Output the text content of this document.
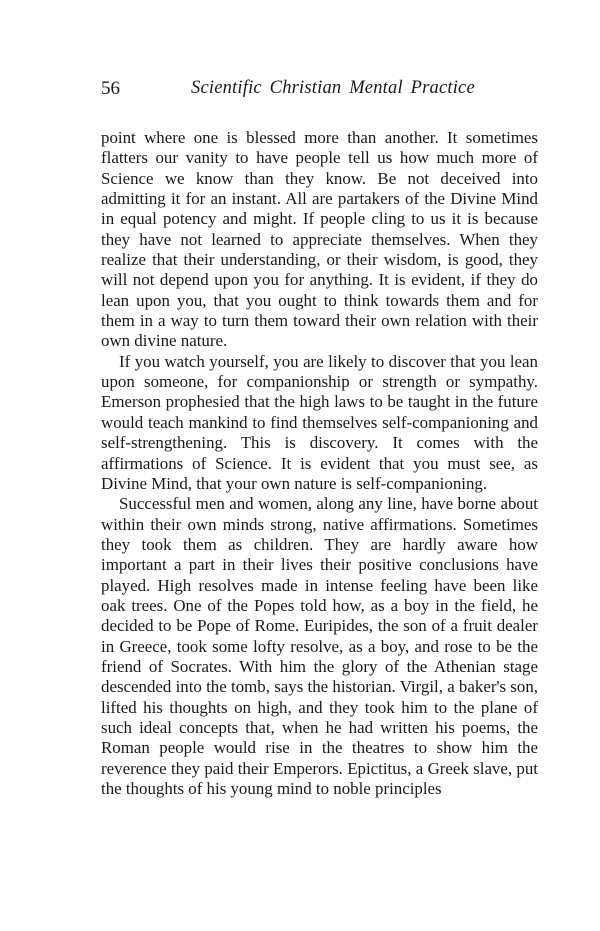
56	Scientific Christian Mental Practice

point where one is blessed more than another. It sometimes flatters our vanity to have people tell us how much more of Science we know than they know. Be not deceived into admitting it for an instant. All are partakers of the Divine Mind in equal potency and might. If people cling to us it is because they have not learned to appreciate themselves. When they realize that their understanding, or their wisdom, is good, they will not depend upon you for anything. It is evident, if they do lean upon you, that you ought to think towards them and for them in a way to turn them toward their own relation with their own divine nature.

If you watch yourself, you are likely to discover that you lean upon someone, for companionship or strength or sympathy. Emerson prophesied that the high laws to be taught in the future would teach mankind to find themselves self-companioning and self-strengthening. This is discovery. It comes with the affirmations of Science. It is evident that you must see, as Divine Mind, that your own nature is self-companioning.

Successful men and women, along any line, have borne about within their own minds strong, native affirmations. Sometimes they took them as children. They are hardly aware how important a part in their lives their positive conclusions have played. High resolves made in intense feeling have been like oak trees. One of the Popes told how, as a boy in the field, he decided to be Pope of Rome. Euripides, the son of a fruit dealer in Greece, took some lofty resolve, as a boy, and rose to be the friend of Socrates. With him the glory of the Athenian stage descended into the tomb, says the historian. Virgil, a baker's son, lifted his thoughts on high, and they took him to the plane of such ideal concepts that, when he had written his poems, the Roman people would rise in the theatres to show him the reverence they paid their Emperors. Epictitus, a Greek slave, put the thoughts of his young mind to noble principles
